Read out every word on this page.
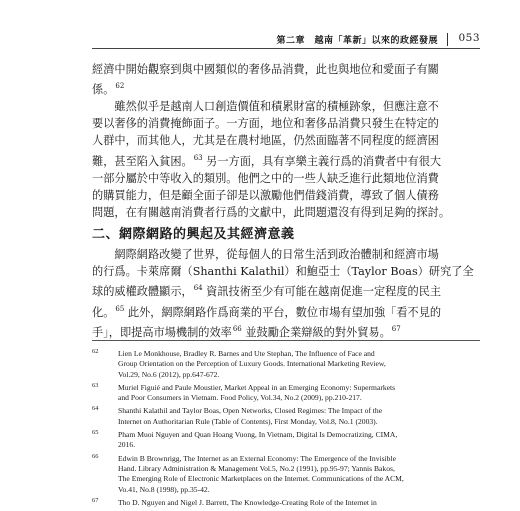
第二章　越南「革新」以來的政經發展 053
經濟中開始觀察到與中國類似的奢侈品消費，此也與地位和愛面子有關
係。$^{62}$
　　雖然似乎是越南人口創造價值和積累財富的積極跡象，但應注意不
要以奢侈的消費掩飾面子。一方面，地位和奢侈品消費只發生在特定的
人群中，而其他人，尤其是在農村地區，仍然面臨著不同程度的經濟困
難，甚至陷入貧困。$^{63}$ 另一方面，具有享樂主義行爲的消費者中有很大
一部分屬於中等收入的類別。他們之中的一些人缺乏進行此類地位消費
的購買能力，但是顧全面子卻是以激勵他們借錢消費，導致了個人債務
問題，在有關越南消費者行爲的文獻中，此問題還沒有得到足夠的探討。
二、網際網路的興起及其經濟意義
　　網際網路改變了世界，從每個人的日常生活到政治體制和經濟市場
的行爲。卡萊席爾（Shanthi Kalathil）和鮑亞士（Taylor Boas）研究了全
球的威權政體顯示，$^{64}$ 資訊技術至少有可能在越南促進一定程度的民主
化。$^{65}$ 此外，網際網路作爲商業的平台，數位市場有望加強「看不見的
手」，即提高市場機制的效率$^{66}$ 並鼓勵企業辯級的對外貿易。$^{67}$
62	Lien Le Monkhouse, Bradley R. Barnes and Ute Stephan, The Influence of Face and
Group Orientation on the Perception of Luxury Goods. International Marketing Review,
Vol.29, No.6 (2012), pp.647-672.
63	Muriel Figuié and Paule Moustier, Market Appeal in an Emerging Economy: Supermarkets
and Poor Consumers in Vietnam. Food Policy, Vol.34, No.2 (2009), pp.210-217.
64	Shanthi Kalathil and Taylor Boas, Open Networks, Closed Regimes: The Impact of the
Internet on Authoritarian Rule (Table of Contents), First Monday, Vol.8, No.1 (2003).
65	Pham Muoi Nguyen and Quan Hoang Vuong, In Vietnam, Digital Is Democratizing, CIMA,
2016.
66	Edwin B Brownrigg, The Internet as an External Economy: The Emergence of the Invisible
Hand. Library Administration & Management Vol.5, No.2 (1991), pp.95-97; Yannis Bakos,
The Emerging Role of Electronic Marketplaces on the Internet. Communications of the ACM,
Vo.41, No.8 (1998), pp.35-42.
67	Tho D. Nguyen and Nigel J. Barrett, The Knowledge-Creating Role of the Internet in
